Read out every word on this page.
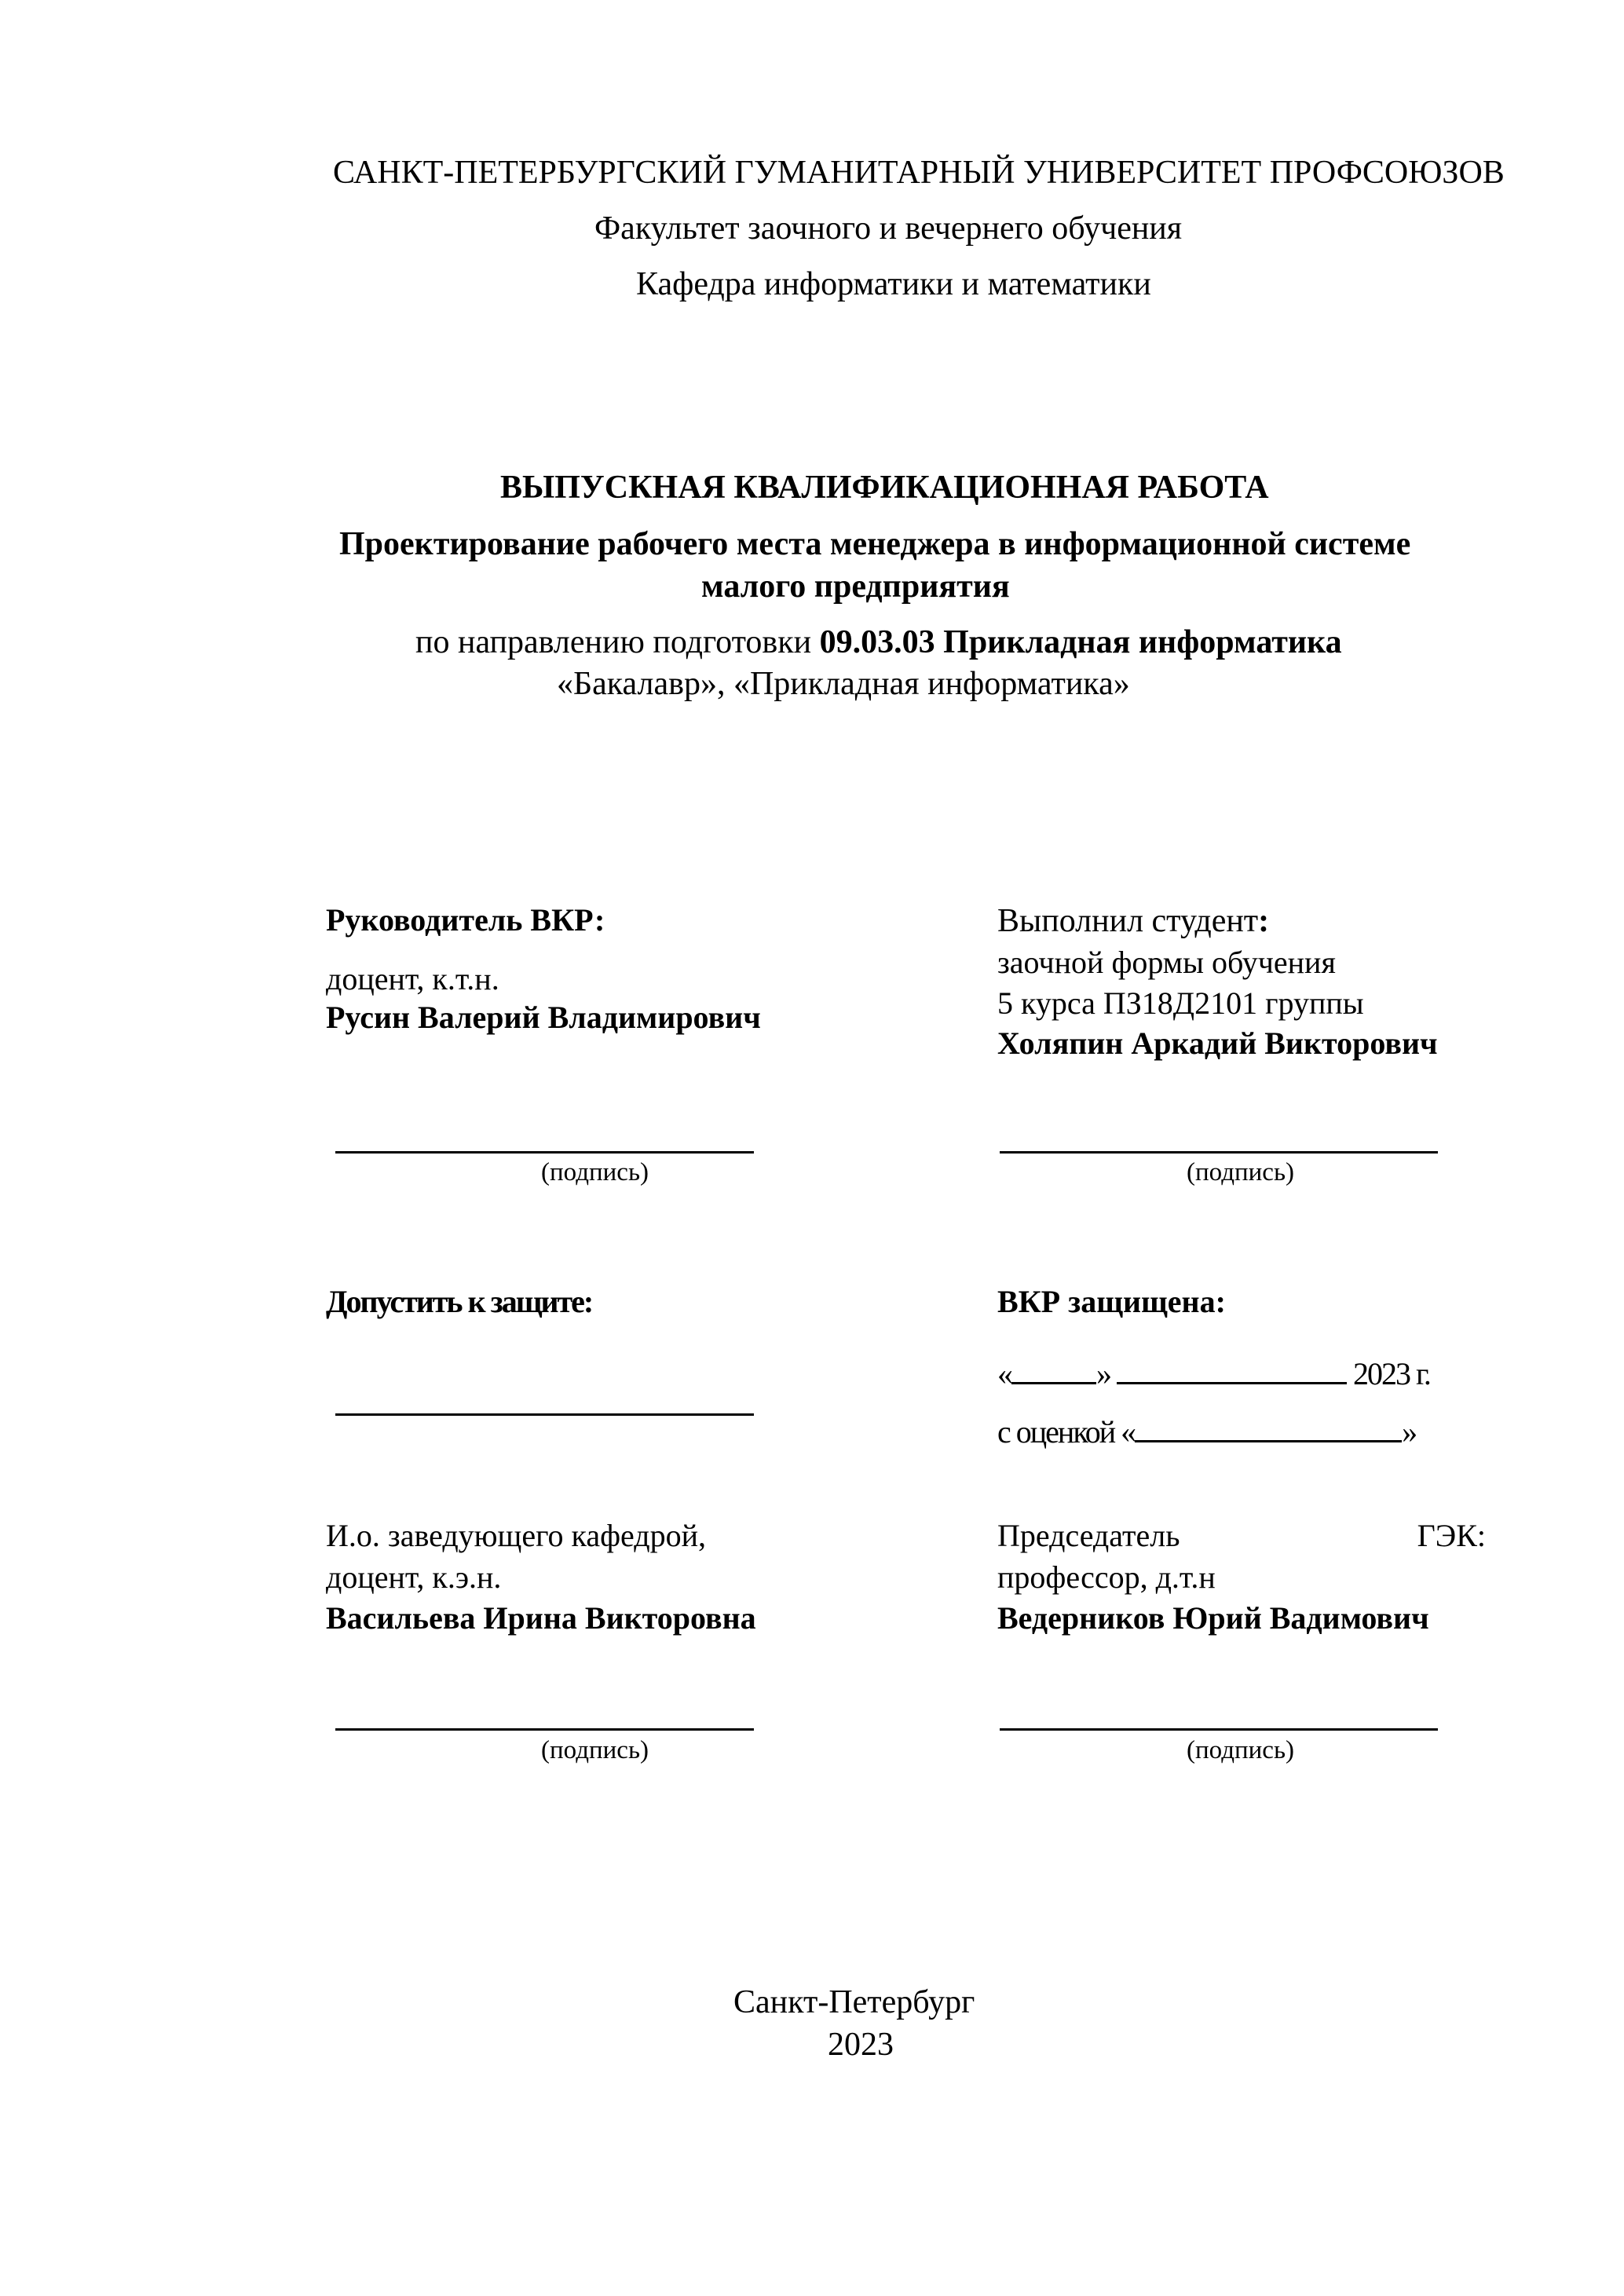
САНКТ-ПЕТЕРБУРГСКИЙ ГУМАНИТАРНЫЙ УНИВЕРСИТЕТ ПРОФСОЮЗОВ
Факультет заочного и вечернего обучения
Кафедра информатики и математики
ВЫПУСКНАЯ КВАЛИФИКАЦИОННАЯ РАБОТА
Проектирование рабочего места менеджера в информационной системе
малого предприятия
по направлению подготовки 09.03.03 Прикладная информатика
«Бакалавр», «Прикладная информатика»
Руководитель ВКР:
доцент, к.т.н.
Русин Валерий Владимирович
(подпись)
Выполнил студент:
заочной формы обучения
5 курса ПЗ18Д2101 группы
Холяпин Аркадий Викторович
(подпись)
Допустить к защите:	ВКР защищена:
«	»	2023 г.
с оценкой «	»
И.о. заведующего кафедрой,
доцент, к.э.н.
Васильева Ирина Викторовна
(подпись)
Председатель	ГЭК:
профессор, д.т.н
Ведерников Юрий Вадимович
(подпись)
Санкт-Петербург
2023
